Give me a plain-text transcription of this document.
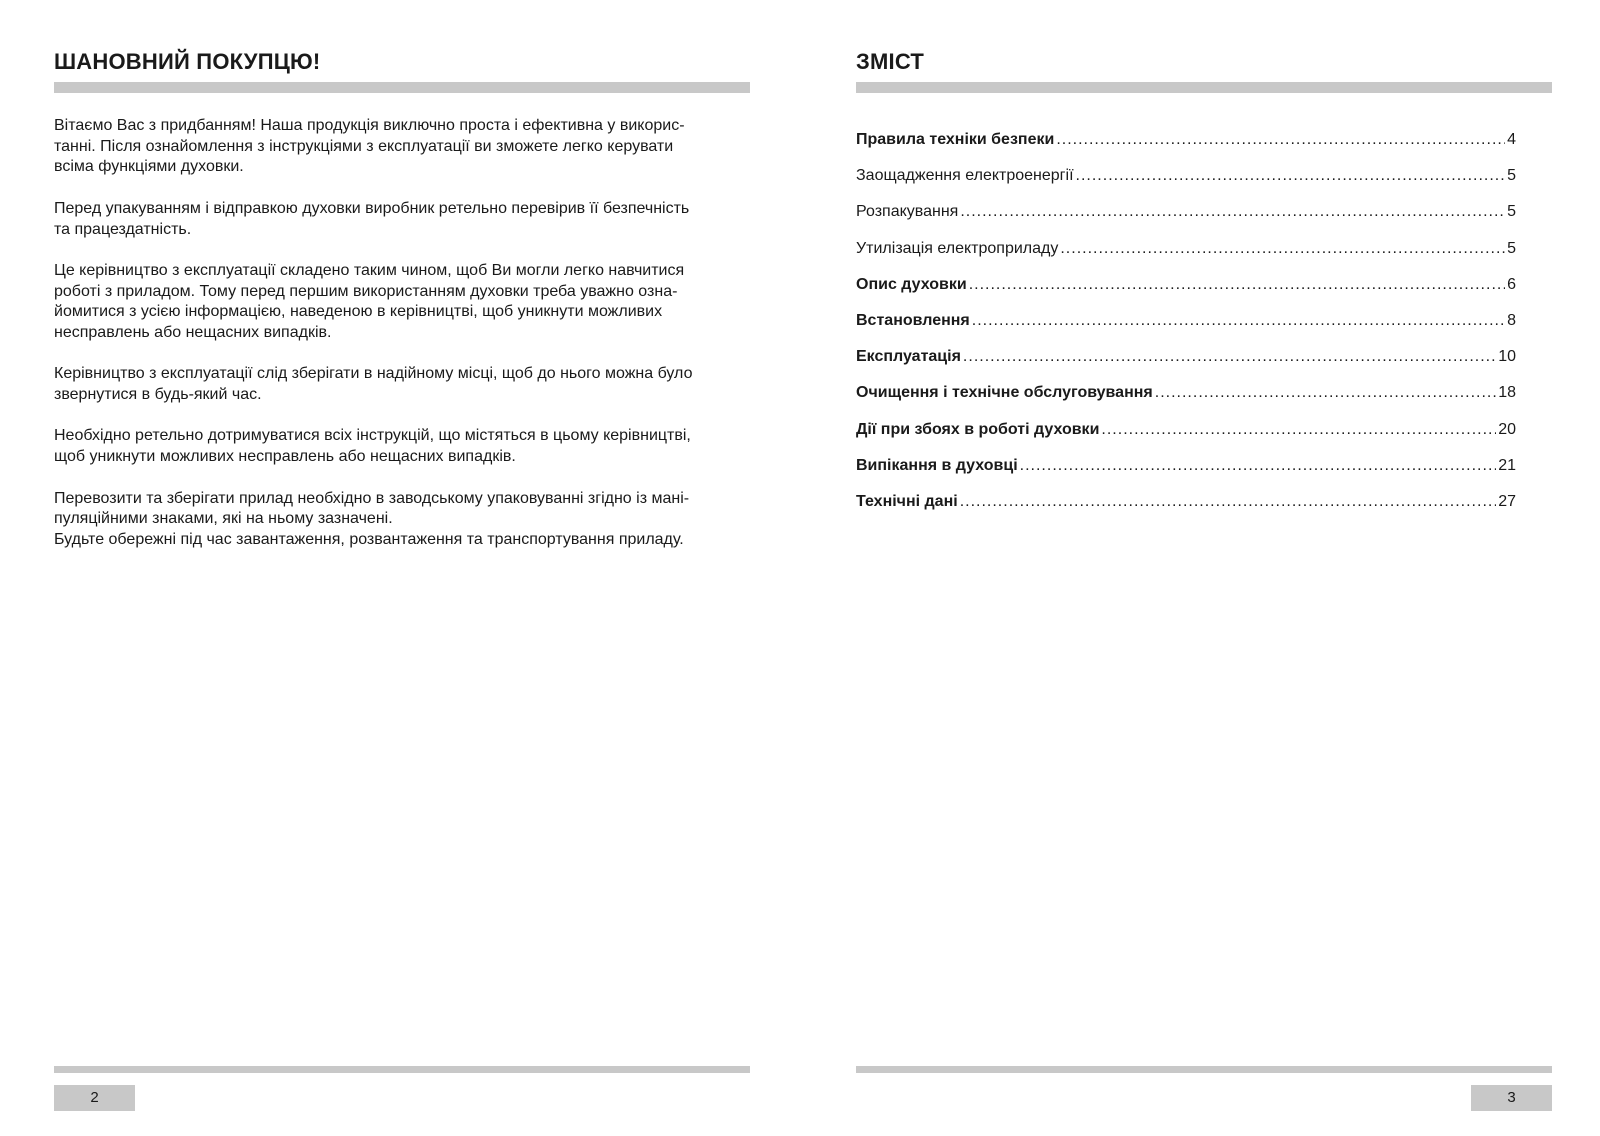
ШАНОВНИЙ ПОКУПЦЮ!

Вітаємо Вас з придбанням! Наша продукція виключно проста і ефективна у викорис-
танні. Після ознайомлення з інструкціями з експлуатації ви зможете легко керувати
всіма функціями духовки.

Перед упакуванням і відправкою духовки виробник ретельно перевірив її безпечність
та працездатність.

Це керівництво з експлуатації складено таким чином, щоб Ви могли легко навчитися
роботі з приладом. Тому перед першим використанням духовки треба уважно озна-
йомитися з усією інформацією, наведеною в керівництві, щоб уникнути можливих
несправлень або нещасних випадків.

Керівництво з експлуатації слід зберігати в надійному місці, щоб до нього можна було
звернутися в будь-який час.

Необхідно ретельно дотримуватися всіх інструкцій, що містяться в цьому керівництві,
щоб уникнути можливих несправлень або нещасних випадків.

Перевозити та зберігати прилад необхідно в заводському упаковуванні згідно із мані-
пуляційними знаками, які на ньому зазначені.
Будьте обережні під час завантаження, розвантаження та транспортування приладу.

2
ЗМІСТ
Правила техніки безпеки .....	4
Заощадження електроенергії .....	5
Розпакування .....	5
Утилізація електроприладу .....	5
Опис духовки .....	6
Встановлення .....	8
Експлуатація .....	10
Очищення і технічне обслуговування .....	18
Дії при збоях в роботі духовки .....	20
Випікання в духовці .....	21
Технічні дані .....	27
3
